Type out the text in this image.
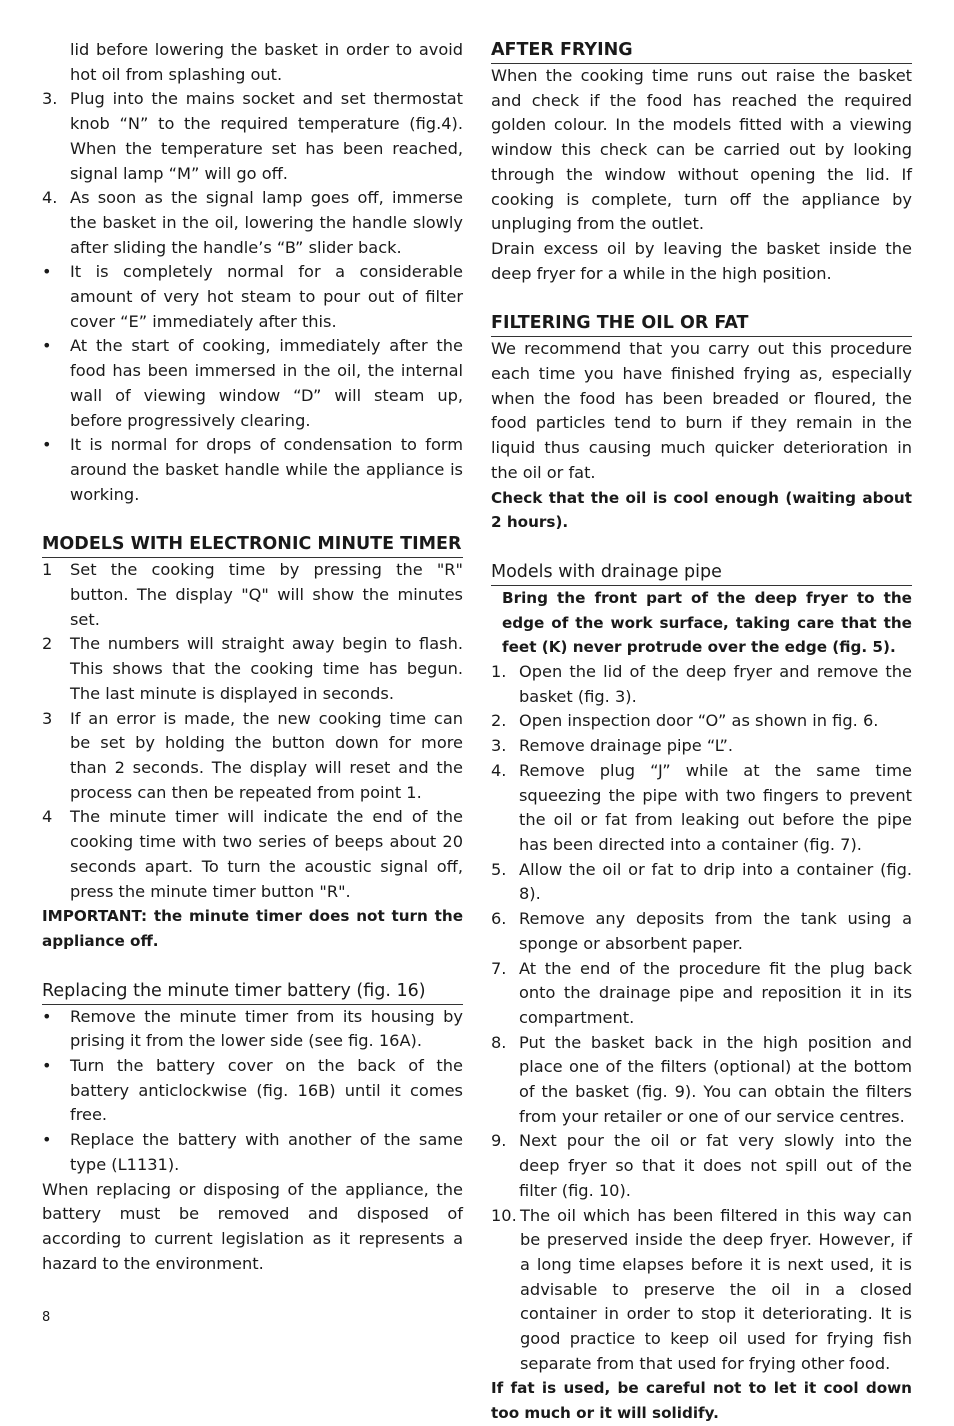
lid before lowering the basket in order to avoid hot oil from splashing out.

3. Plug into the mains socket and set thermostat knob “N” to the required temperature (fig.4). When the temperature set has been reached, signal lamp “M” will go off.
4. As soon as the signal lamp goes off, immerse the basket in the oil, lowering the handle slowly after sliding the handle’s “B” slider back.
•	It is completely normal for a considerable amount of very hot steam to pour out of filter cover “E” immediately after this.
•	At the start of cooking, immediately after the food has been immersed in the oil, the internal wall of viewing window “D” will steam up, before progressively clearing.
•	It is normal for drops of condensation to form around the basket handle while the appliance is working.
MODELS WITH ELECTRONIC MINUTE TIMER
1	Set the cooking time by pressing the "R" button. The display "Q" will show the minutes set.
2	The numbers will straight away begin to flash. This shows that the cooking time has begun. The last minute is displayed in seconds.
3	If an error is made, the new cooking time can be set by holding the button down for more than 2 seconds. The display will reset and the process can then be repeated from point 1.
4	The minute timer will indicate the end of the cooking time with two series of beeps about 20 seconds apart. To turn the acoustic signal off, press the minute timer button "R".

IMPORTANT: the minute timer does not turn the appliance off.

Replacing the minute timer battery (fig. 16)
•	Remove the minute timer from its housing by prising it from the lower side (see fig. 16A).
•	Turn the battery cover on the back of the battery anticlockwise (fig. 16B) until it comes free.
•	Replace the battery with another of the same type (L1131).

When replacing or disposing of the appliance, the battery must be removed and disposed of according to current legislation as it represents a hazard to the environment.

AFTER FRYING

When the cooking time runs out raise the basket and check if the food has reached the required golden colour. In the models fitted with a viewing window this check can be carried out by looking through the window without opening the lid. If cooking is complete, turn off the appliance by unpluging from the outlet.

Drain excess oil by leaving the basket inside the deep fryer for a while in the high position.

FILTERING THE OIL OR FAT

We recommend that you carry out this procedure each time you have finished frying as, especially when the food has been breaded or floured, the food particles tend to burn if they remain in the liquid thus causing much quicker deterioration in the oil or fat.

Check that the oil is cool enough (waiting about 2 hours).

Models with drainage pipe

Bring the front part of the deep fryer to the edge of the work surface, taking care that the feet (K) never protrude over the edge (fig. 5).

1. Open the lid of the deep fryer and remove the basket (fig. 3).
2. Open inspection door “O” as shown in fig. 6.
3. Remove drainage pipe “L”.
4. Remove plug “J” while at the same time squeezing the pipe with two fingers to prevent the oil or fat from leaking out before the pipe has been directed into a container (fig. 7).
5. Allow the oil or fat to drip into a container (fig. 8).
6. Remove any deposits from the tank using a sponge or absorbent paper.
7. At the end of the procedure fit the plug back onto the drainage pipe and reposition it in its compartment.
8. Put the basket back in the high position and place one of the filters (optional) at the bottom of the basket (fig. 9). You can obtain the filters from your retailer or one of our service centres.
9. Next pour the oil or fat very slowly into the deep fryer so that it does not spill out of the filter (fig. 10).
10. The oil which has been filtered in this way can be preserved inside the deep fryer. However, if a long time elapses before it is next used, it is advisable to preserve the oil in a closed container in order to stop it deteriorating. It is good practice to keep oil used for frying fish separate from that used for frying other food.

If fat is used, be careful not to let it cool down too much or it will solidify.

8
